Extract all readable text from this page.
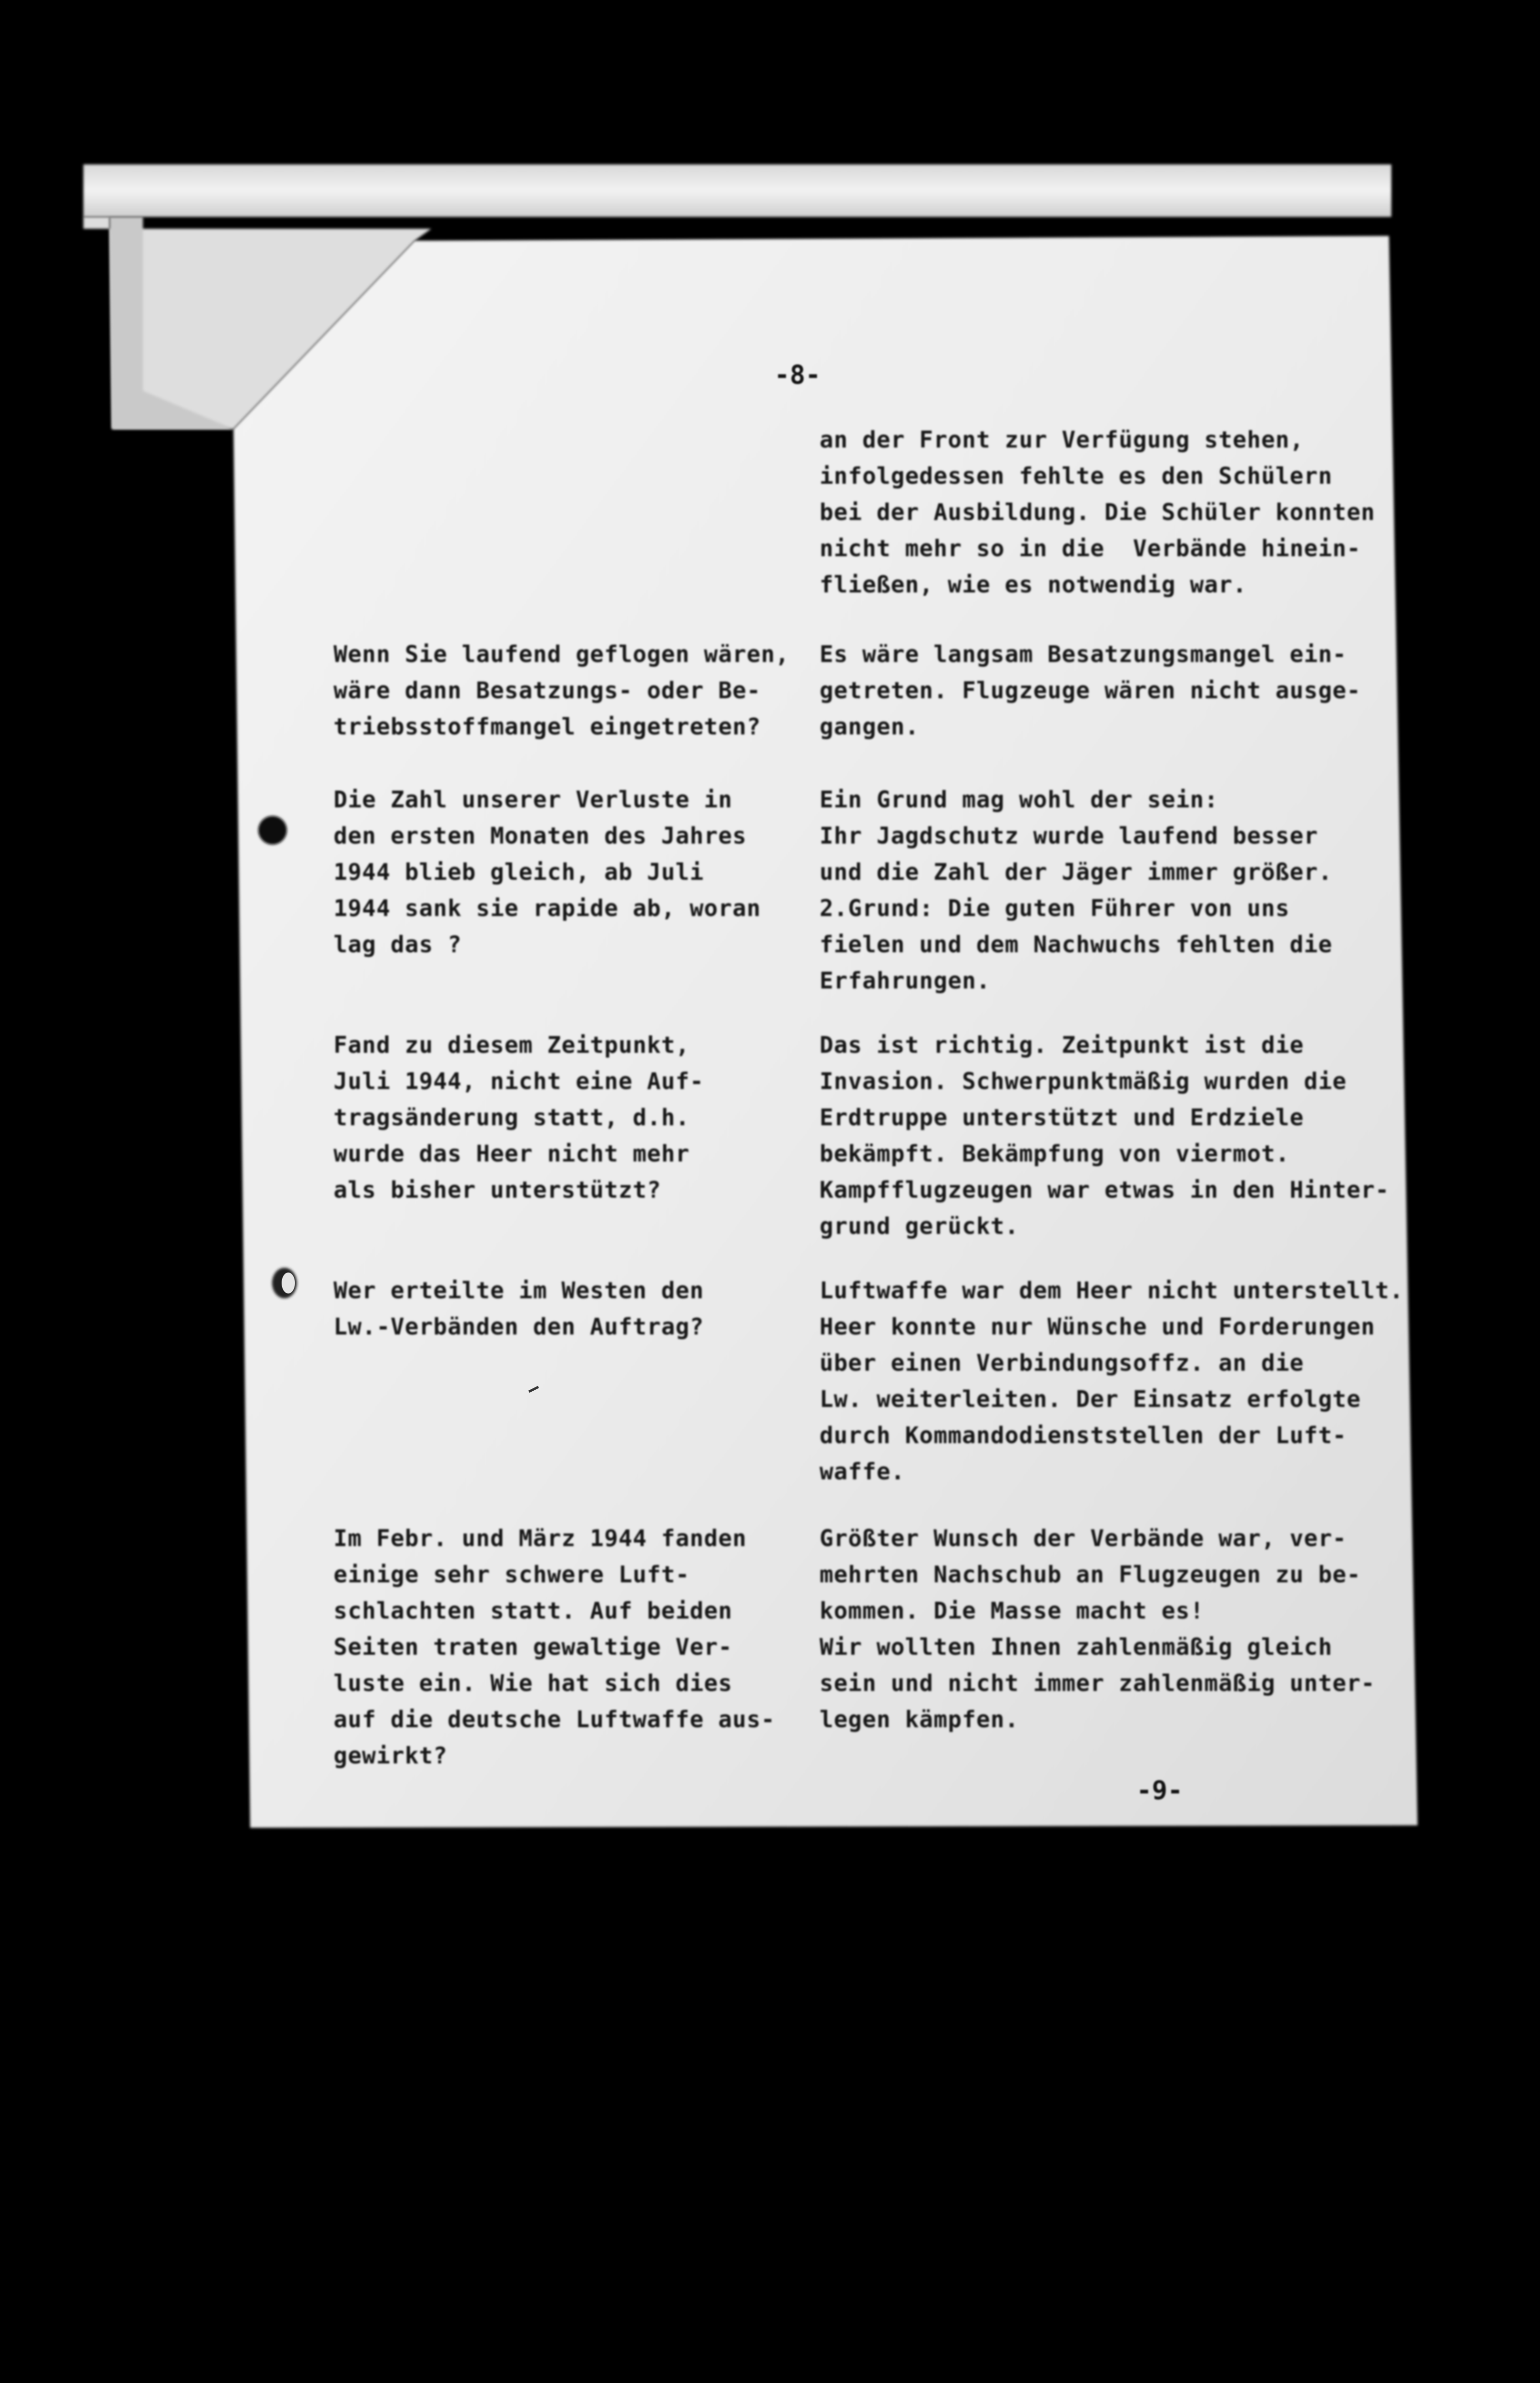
-8-
an der Front zur Verfügung stehen,
infolgedessen fehlte es den Schülern
bei der Ausbildung. Die Schüler konnten
nicht mehr so in die  Verbände hinein-
fließen, wie es notwendig war.
Wenn Sie laufend geflogen wären,
wäre dann Besatzungs- oder Be-
triebsstoffmangel eingetreten?
Es wäre langsam Besatzungsmangel ein-
getreten. Flugzeuge wären nicht ausge-
gangen.
Die Zahl unserer Verluste in
den ersten Monaten des Jahres
1944 blieb gleich, ab Juli
1944 sank sie rapide ab, woran
lag das ?
Ein Grund mag wohl der sein:
Ihr Jagdschutz wurde laufend besser
und die Zahl der Jäger immer größer.
2.Grund: Die guten Führer von uns
fielen und dem Nachwuchs fehlten die
Erfahrungen.
Fand zu diesem Zeitpunkt,
Juli 1944, nicht eine Auf-
tragsänderung statt, d.h.
wurde das Heer nicht mehr
als bisher unterstützt?
Das ist richtig. Zeitpunkt ist die
Invasion. Schwerpunktmäßig wurden die
Erdtruppe unterstützt und Erdziele
bekämpft. Bekämpfung von viermot.
Kampfflugzeugen war etwas in den Hinter-
grund gerückt.
Wer erteilte im Westen den
Lw.-Verbänden den Auftrag?
Luftwaffe war dem Heer nicht unterstellt.
Heer konnte nur Wünsche und Forderungen
über einen Verbindungsoffz. an die
Lw. weiterleiten. Der Einsatz erfolgte
durch Kommandodienststellen der Luft-
waffe.
Im Febr. und März 1944 fanden
einige sehr schwere Luft-
schlachten statt. Auf beiden
Seiten traten gewaltige Ver-
luste ein. Wie hat sich dies
auf die deutsche Luftwaffe aus-
gewirkt?
Größter Wunsch der Verbände war, ver-
mehrten Nachschub an Flugzeugen zu be-
kommen. Die Masse macht es!
Wir wollten Ihnen zahlenmäßig gleich
sein und nicht immer zahlenmäßig unter-
legen kämpfen.
-9-
